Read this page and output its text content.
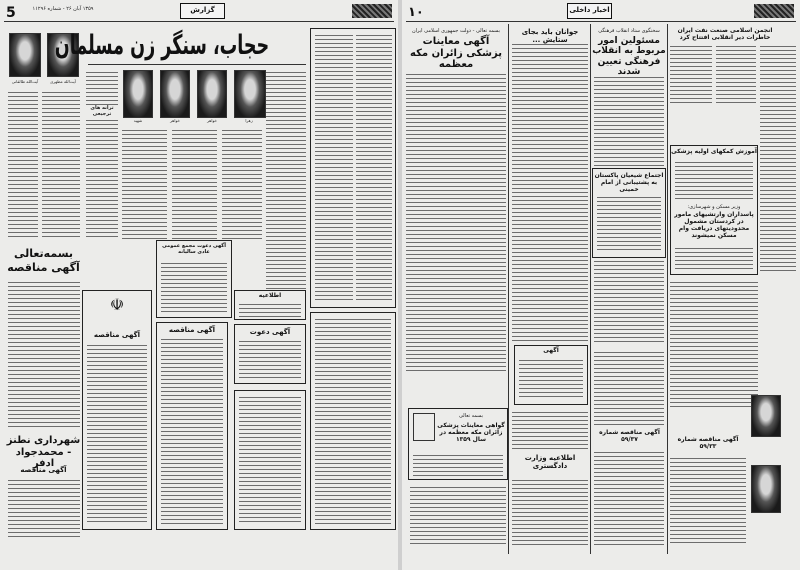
5	۱۳۵۹ آبان ۲۶ - شماره ۱۱۲۹۶	گزارش
آیت‌الله طالقانی	آیت‌الله مطهری
حجاب، سنگر زن مسلمان
شهید	خواهر	خواهر	زهرا
ترانه های ترجیعی
بسمه‌تعالی
آگهی مناقصه
شهرداری نطنز - محمدجواد ادفر
آگهی مناقصه
☫
آگهی مناقصه
آگهی مناقصه
آگهی دعوت مجمع عمومی عادی سالیانه
اطلاعیه
آگهی دعوت
۱۰	اخبار داخلی
بسمه تعالی - دولت جمهوری اسلامی ایران
آگهی معاینات پزشکی زائران مکه معظمه
جوانان باید بجای ستایش ...
سخنگوی ستاد انقلاب فرهنگی
مسئولین امور مربوط به انقلاب فرهنگی تعیین شدند
انجمن اسلامی صنعت نفت ایران خاطرات دیر انقلابی افتتاح کرد
اجتماع شیعیان پاکستان به پشتیبانی از امام خمینی
آموزش کمکهای اولیه پزشکی
وزیر مسکن و شهرسازی:
پاسداران وارتشیهای مامور در کردستان مشمول محدودیتهای دریافت وام مسکن نمیشوند
بسمه تعالی
گواهی معاینات پزشکی زائران مکه معظمه در سال ۱۳۵۹
آگهی
اطلاعیه وزارت دادگستری
آگهی مناقصه شماره ۵۹/۳۷	آگهی مناقصه شماره ۵۹/۳۳
